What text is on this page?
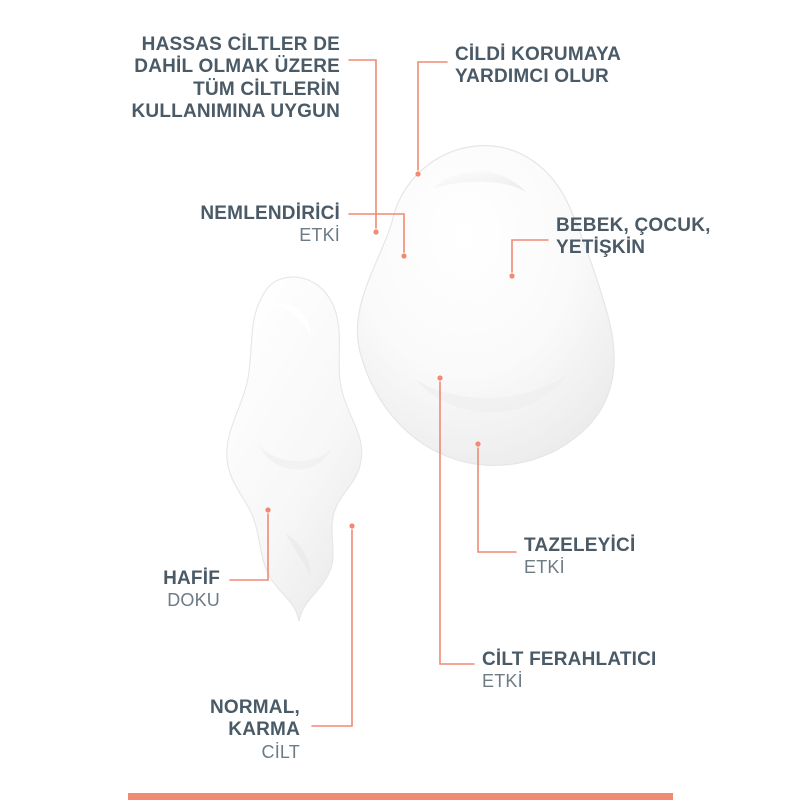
HASSAS CİLTLER DE DAHİL OLMAK ÜZERE TÜM CİLTLERİN KULLANIMINA UYGUN
NEMLENDİRİCİ
ETKİ
HAFİF
DOKU
NORMAL, KARMA
CİLT
CİLDİ KORUMAYA YARDIMCI OLUR
BEBEK, ÇOCUK, YETİŞKİN
TAZELEYİCİ
ETKİ
CİLT FERAHLATICI
ETKİ
